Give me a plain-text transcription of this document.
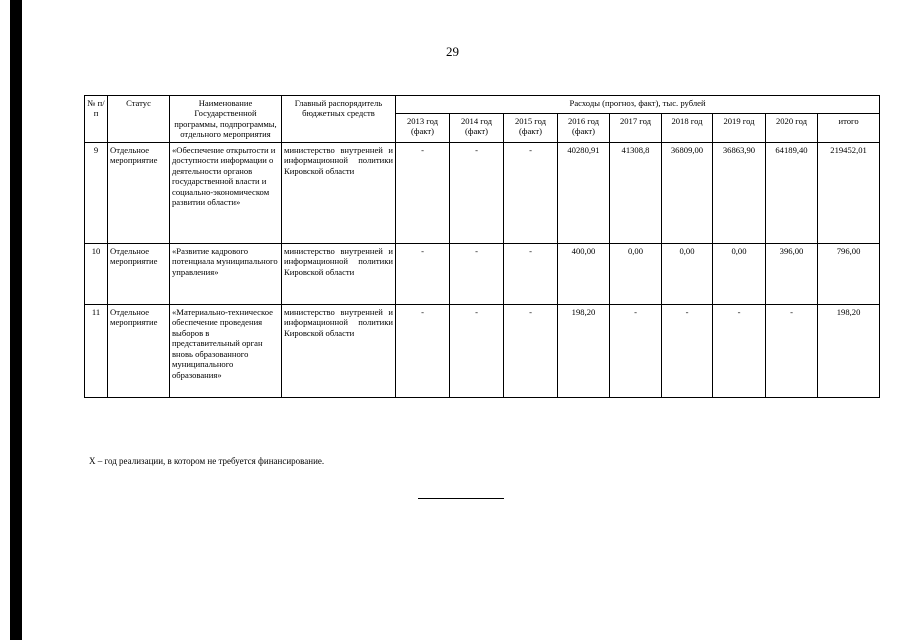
29
№ п/п	Статус	Наименование Государственной программы, подпрограммы, отдельного мероприятия	Главный распорядитель бюджетных средств	Расходы (прогноз, факт), тыс. рублей								
				2013 год (факт)	2014 год (факт)	2015 год (факт)	2016 год (факт)	2017 год	2018 год	2019 год	2020 год	итого
9	Отдельное мероприятие	«Обеспечение открытости и доступности информации о деятельности органов государственной власти и социально-экономическом развитии области»	министерство внутренней и информационной политики Кировской области	-	-	-	40280,91	41308,8	36809,00	36863,90	64189,40	219452,01
10	Отдельное мероприятие	«Развитие кадрового потенциала муниципального управления»	министерство внутренней и информационной политики Кировской области	-	-	-	400,00	0,00	0,00	0,00	396,00	796,00
11	Отдельное мероприятие	«Материально-техническое обеспечение проведения выборов в представительный орган вновь образованного муниципального образования»	министерство внутренней и информационной политики Кировской области	-	-	-	198,20	-	-	-	-	198,20
Х – год реализации, в котором не требуется финансирование.
